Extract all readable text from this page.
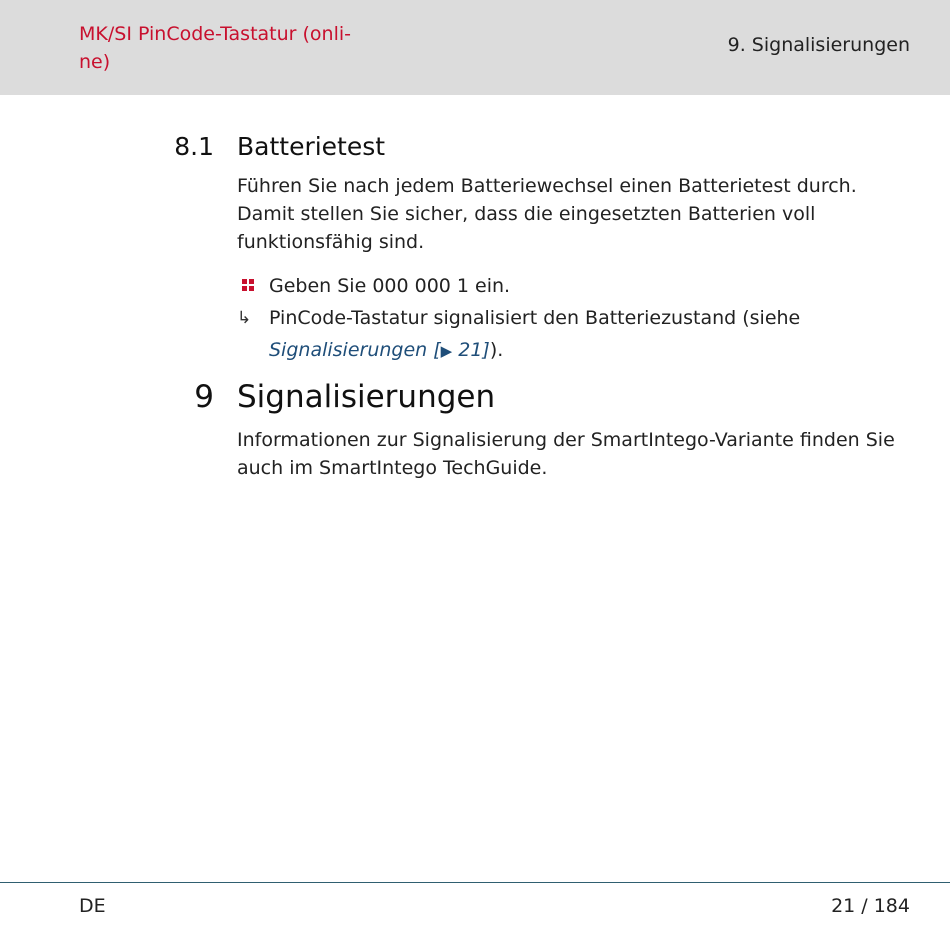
MK/SI PinCode-Tastatur (onli-
ne)
9. Signalisierungen
8.1 Batterietest
Führen Sie nach jedem Batteriewechsel einen Batterietest durch. Damit stellen Sie sicher, dass die eingesetzten Batterien voll funktionsfähig sind.
Geben Sie 000 000 1 ein.
↳ PinCode-Tastatur signalisiert den Batteriezustand (siehe
Signalisierungen [▶ 21]).
9 Signalisierungen
Informationen zur Signalisierung der SmartIntego-Variante finden Sie auch im SmartIntego TechGuide.
DE	21 / 184
